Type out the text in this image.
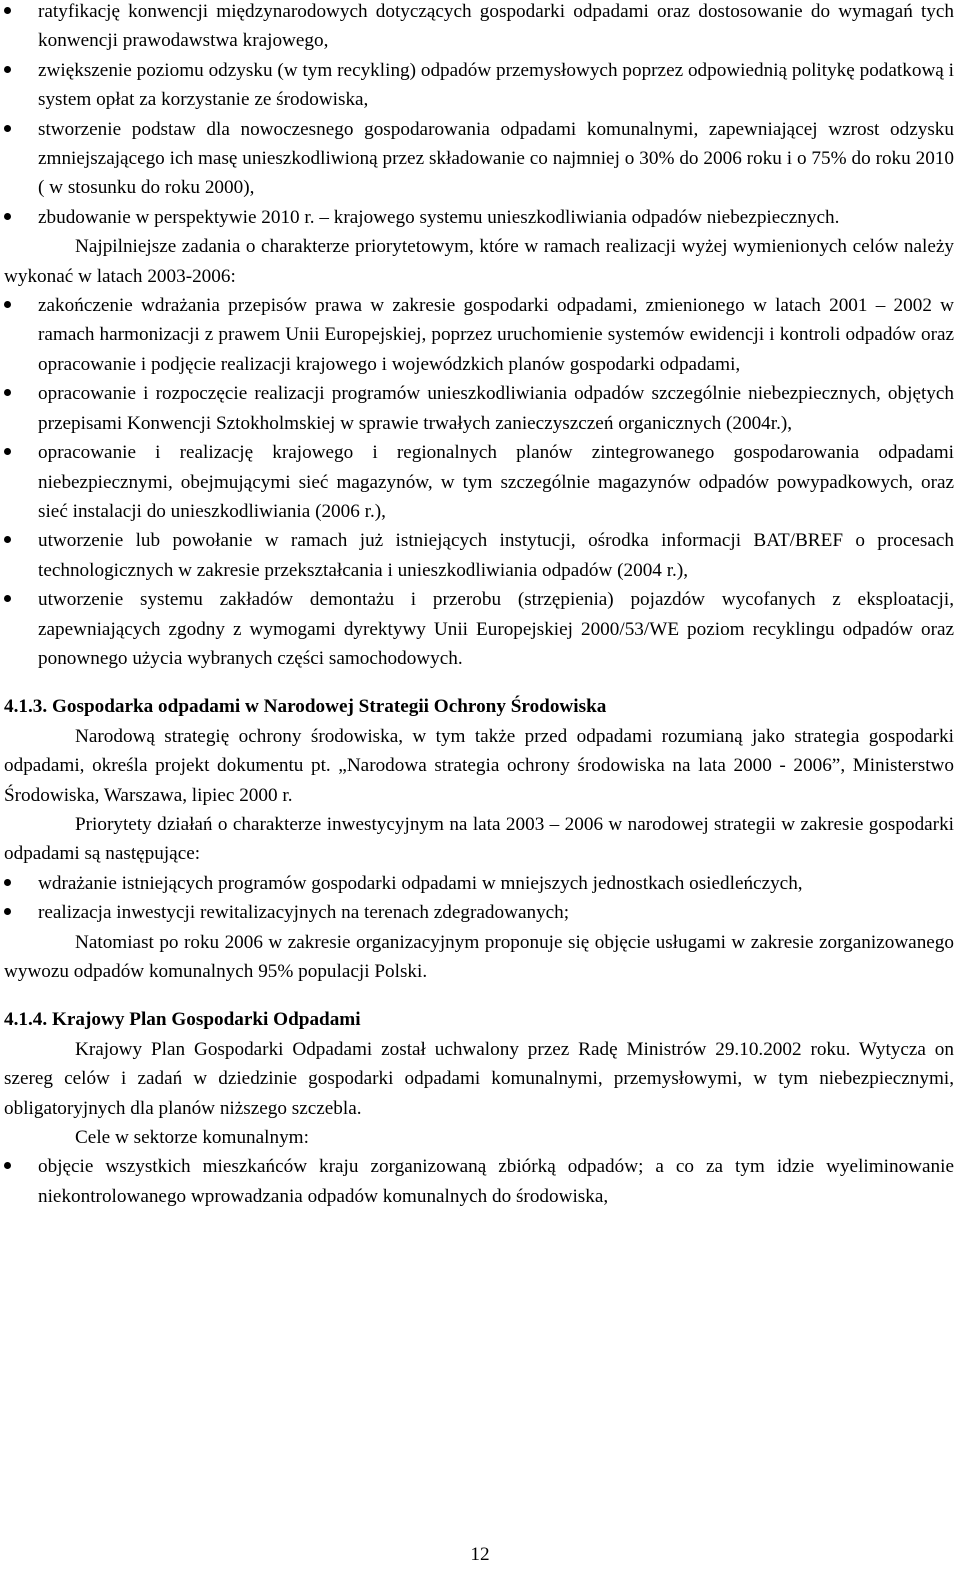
ratyfikację konwencji międzynarodowych dotyczących gospodarki odpadami oraz dostosowanie do wymagań tych konwencji prawodawstwa krajowego,
zwiększenie poziomu odzysku (w tym recykling) odpadów przemysłowych poprzez odpowiednią politykę podatkową i system opłat za korzystanie ze środowiska,
stworzenie podstaw dla nowoczesnego gospodarowania odpadami komunalnymi, zapewniającej wzrost odzysku zmniejszającego ich masę unieszkodliwioną przez składowanie co najmniej o 30% do 2006 roku i o 75% do roku 2010 ( w stosunku do roku 2000),
zbudowanie w perspektywie 2010 r. – krajowego systemu unieszkodliwiania odpadów niebezpiecznych.

Najpilniejsze zadania o charakterze priorytetowym, które w ramach realizacji wyżej wymienionych celów należy wykonać w latach 2003-2006:

zakończenie wdrażania przepisów prawa w zakresie gospodarki odpadami, zmienionego w latach 2001 – 2002 w ramach harmonizacji z prawem Unii Europejskiej, poprzez uruchomienie systemów ewidencji i kontroli odpadów oraz opracowanie i podjęcie realizacji krajowego i wojewódzkich planów gospodarki odpadami,
opracowanie i rozpoczęcie realizacji programów unieszkodliwiania odpadów szczególnie niebezpiecznych, objętych przepisami Konwencji Sztokholmskiej w sprawie trwałych zanieczyszczeń organicznych (2004r.),
opracowanie i realizację krajowego i regionalnych planów zintegrowanego gospodarowania odpadami niebezpiecznymi, obejmującymi sieć magazynów, w tym szczególnie magazynów odpadów powypadkowych, oraz sieć instalacji do unieszkodliwiania (2006 r.),
utworzenie lub powołanie w ramach już istniejących instytucji, ośrodka informacji BAT/BREF o procesach technologicznych w zakresie przekształcania i unieszkodliwiania odpadów (2004 r.),
utworzenie systemu zakładów demontażu i przerobu (strzępienia) pojazdów wycofanych z eksploatacji, zapewniających zgodny z wymogami dyrektywy Unii Europejskiej 2000/53/WE poziom recyklingu odpadów oraz ponownego użycia wybranych części samochodowych.
4.1.3. Gospodarka odpadami w Narodowej Strategii Ochrony Środowiska

Narodową strategię ochrony środowiska, w tym także przed odpadami rozumianą jako strategia gospodarki odpadami, określa projekt dokumentu pt. „Narodowa strategia ochrony środowiska na lata 2000 - 2006”, Ministerstwo Środowiska, Warszawa, lipiec 2000 r.

Priorytety działań o charakterze inwestycyjnym na lata 2003 – 2006 w narodowej strategii w zakresie gospodarki odpadami są następujące:

wdrażanie istniejących programów gospodarki odpadami w mniejszych jednostkach osiedleńczych,
realizacja inwestycji rewitalizacyjnych na terenach zdegradowanych;

Natomiast po roku 2006 w zakresie organizacyjnym proponuje się objęcie usługami w zakresie zorganizowanego wywozu odpadów komunalnych 95% populacji Polski.

4.1.4. Krajowy Plan Gospodarki Odpadami

Krajowy Plan Gospodarki Odpadami został uchwalony przez Radę Ministrów 29.10.2002 roku. Wytycza on szereg celów i zadań w dziedzinie gospodarki odpadami komunalnymi, przemysłowymi, w tym niebezpiecznymi, obligatoryjnych dla planów niższego szczebla.

Cele w sektorze komunalnym:

objęcie wszystkich mieszkańców kraju zorganizowaną zbiórką odpadów; a co za tym idzie wyeliminowanie niekontrolowanego wprowadzania odpadów komunalnych do środowiska,
12
